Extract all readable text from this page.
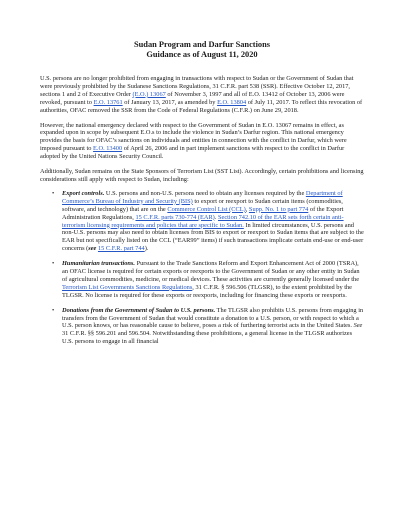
Sudan Program and Darfur Sanctions
Guidance as of August 11, 2020

U.S. persons are no longer prohibited from engaging in transactions with respect to Sudan or the Government of Sudan that were previously prohibited by the Sudanese Sanctions Regulations, 31 C.F.R. part 538 (SSR). Effective October 12, 2017, sections 1 and 2 of Executive Order (E.O.) 13067 of November 3, 1997 and all of E.O. 13412 of October 13, 2006 were revoked, pursuant to E.O. 13761 of January 13, 2017, as amended by E.O. 13804 of July 11, 2017. To reflect this revocation of authorities, OFAC removed the SSR from the Code of Federal Regulations (C.F.R.) on June 29, 2018.

However, the national emergency declared with respect to the Government of Sudan in E.O. 13067 remains in effect, as expanded upon in scope by subsequent E.O.s to include the violence in Sudan’s Darfur region. This national emergency provides the basis for OFAC’s sanctions on individuals and entities in connection with the conflict in Darfur, which were imposed pursuant to E.O. 13400 of April 26, 2006 and in part implement sanctions with respect to the conflict in Darfur adopted by the United Nations Security Council.

Additionally, Sudan remains on the State Sponsors of Terrorism List (SST List). Accordingly, certain prohibitions and licensing considerations still apply with respect to Sudan, including:

• Export controls. U.S. persons and non-U.S. persons need to obtain any licenses required by the Department of Commerce’s Bureau of Industry and Security (BIS) to export or reexport to Sudan certain items (commodities, software, and technology) that are on the Commerce Control List (CCL), Supp. No. 1 to part 774 of the Export Administration Regulations, 15 C.F.R. parts 730-774 (EAR). Section 742.10 of the EAR sets forth certain anti-terrorism licensing requirements and policies that are specific to Sudan. In limited circumstances, U.S. persons and non-U.S. persons may also need to obtain licenses from BIS to export or reexport to Sudan items that are subject to the EAR but not specifically listed on the CCL (“EAR99” items) if such transactions implicate certain end-use or end-user concerns (see 15 C.F.R. part 744).
• Humanitarian transactions. Pursuant to the Trade Sanctions Reform and Export Enhancement Act of 2000 (TSRA), an OFAC license is required for certain exports or reexports to the Government of Sudan or any other entity in Sudan of agricultural commodities, medicine, or medical devices. These activities are currently generally licensed under the Terrorism List Governments Sanctions Regulations, 31 C.F.R. § 596.506 (TLGSR), to the extent prohibited by the TLGSR. No license is required for these exports or reexports, including for financing these exports or reexports.
• Donations from the Government of Sudan to U.S. persons. The TLGSR also prohibits U.S. persons from engaging in transfers from the Government of Sudan that would constitute a donation to a U.S. person, or with respect to which a U.S. person knows, or has reasonable cause to believe, poses a risk of furthering terrorist acts in the United States. See 31 C.F.R. §§ 596.201 and 596.504. Notwithstanding these prohibitions, a general license in the TLGSR authorizes U.S. persons to engage in all financial
